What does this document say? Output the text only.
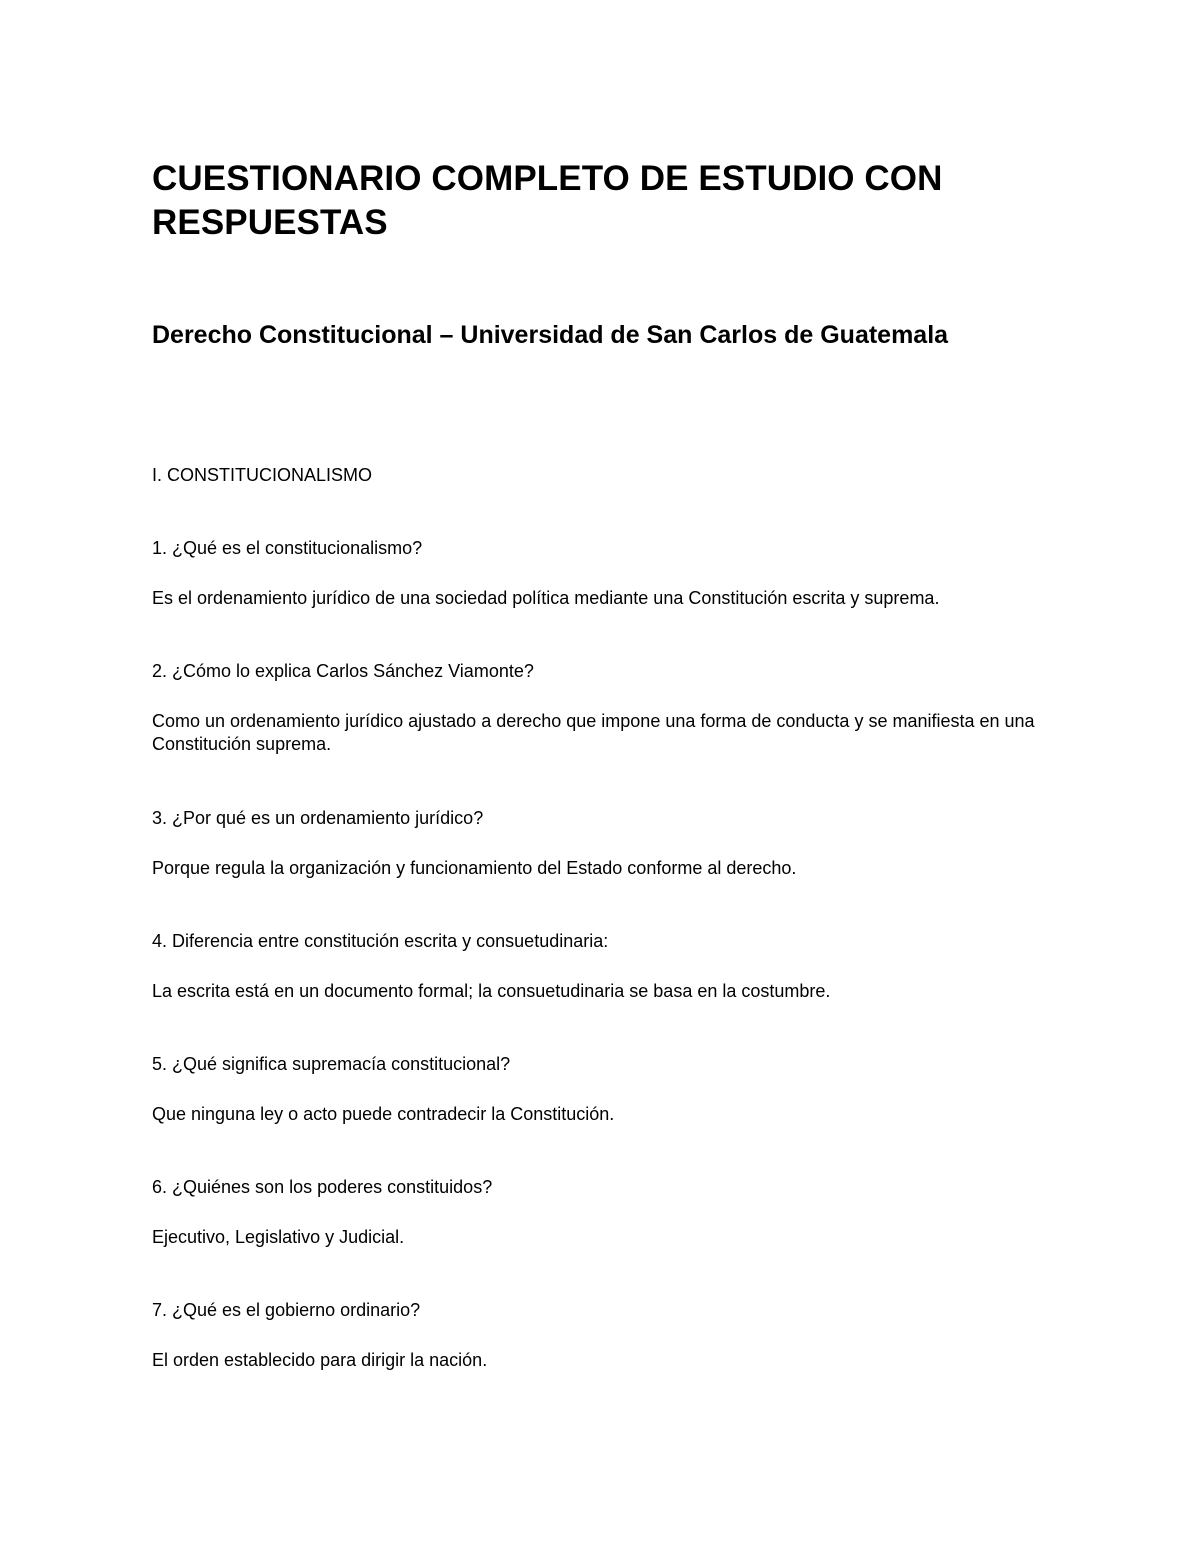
CUESTIONARIO COMPLETO DE ESTUDIO CON RESPUESTAS
Derecho Constitucional – Universidad de San Carlos de Guatemala
I. CONSTITUCIONALISMO

1. ¿Qué es el constitucionalismo?

Es el ordenamiento jurídico de una sociedad política mediante una Constitución escrita y suprema.

2. ¿Cómo lo explica Carlos Sánchez Viamonte?

Como un ordenamiento jurídico ajustado a derecho que impone una forma de conducta y se manifiesta en una Constitución suprema.

3. ¿Por qué es un ordenamiento jurídico?

Porque regula la organización y funcionamiento del Estado conforme al derecho.

4. Diferencia entre constitución escrita y consuetudinaria:

La escrita está en un documento formal; la consuetudinaria se basa en la costumbre.

5. ¿Qué significa supremacía constitucional?

Que ninguna ley o acto puede contradecir la Constitución.

6. ¿Quiénes son los poderes constituidos?

Ejecutivo, Legislativo y Judicial.

7. ¿Qué es el gobierno ordinario?

El orden establecido para dirigir la nación.
